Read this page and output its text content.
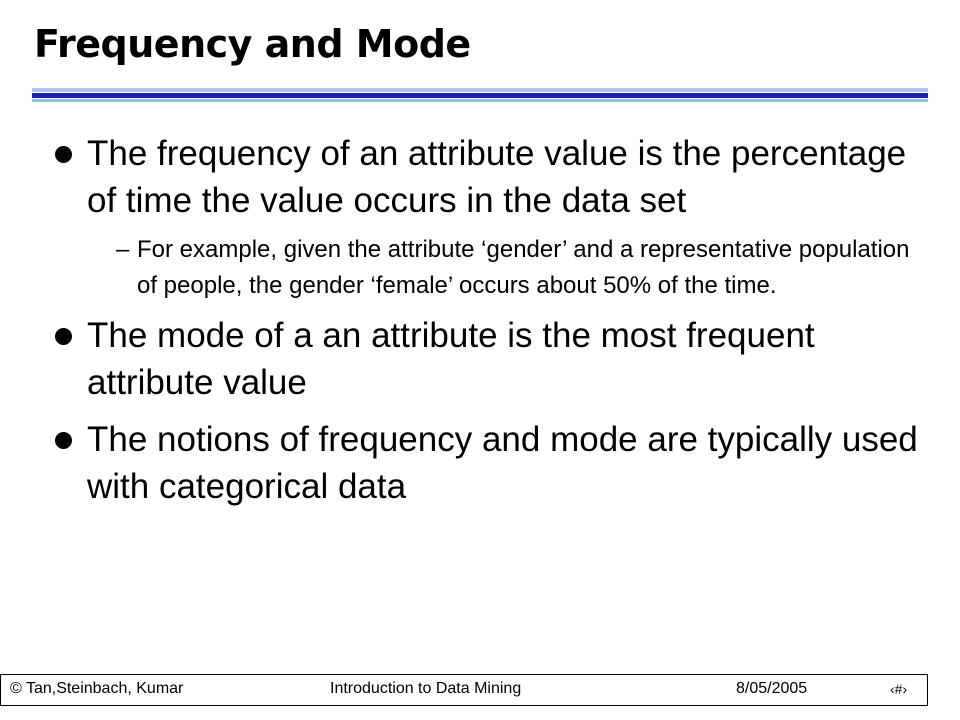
Frequency and Mode
The frequency of an attribute value is the percentage of time the value occurs in the data set
– For example, given the attribute ‘gender’ and a representative population of people, the gender ‘female’ occurs about 50% of the time.
The mode of a an attribute is the most frequent attribute value
The notions of frequency and mode are typically used with categorical data
© Tan,Steinbach, Kumar	Introduction to Data Mining	8/05/2005	‹#›
